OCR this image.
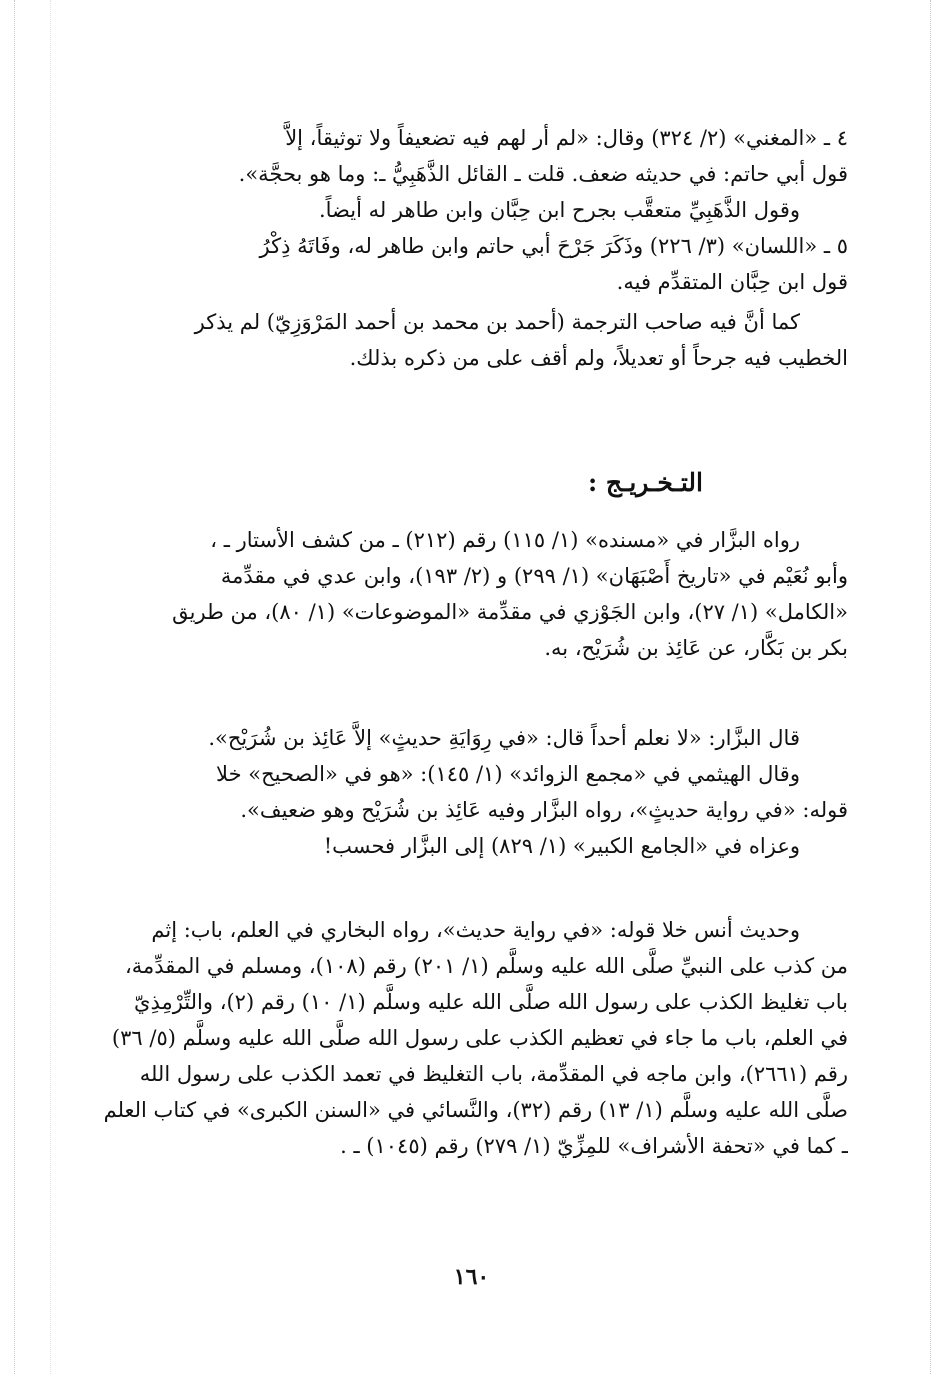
٤ ـ «المغني» (٢/ ٣٢٤) وقال: «لم أر لهم فيه تضعيفاً ولا توثيقاً، إلاَّ
قول أبي حاتم: في حديثه ضعف. قلت ـ القائل الذَّهَبِيُّ ـ: وما هو بحجَّة».
وقول الذَّهَبِيِّ متعقَّب بجرح ابن حِبَّان وابن طاهر له أيضاً.
٥ ـ «اللسان» (٣/ ٢٢٦) وذَكَرَ جَرْحَ أبي حاتم وابن طاهر له، وفَاتَهُ ذِكْرُ
قول ابن حِبَّان المتقدِّم فيه.
كما أنَّ فيه صاحب الترجمة (أحمد بن محمد بن أحمد المَرْوَزِيّ) لم يذكر
الخطيب فيه جرحاً أو تعديلاً، ولم أقف على من ذكره بذلك.
التـخـريـج :
رواه البزَّار في «مسنده» (١/ ١١٥) رقم (٢١٢) ـ من كشف الأستار ـ ،
وأبو نُعَيْم في «تاريخ أَصْبَهَان» (١/ ٢٩٩) و (٢/ ١٩٣)، وابن عدي في مقدِّمة
«الكامل» (١/ ٢٧)، وابن الجَوْزي في مقدِّمة «الموضوعات» (١/ ٨٠)، من طريق
بكر بن بَكَّار، عن عَائِذ بن شُرَيْح، به.
قال البزَّار: «لا نعلم أحداً قال: «في رِوَايَةِ حديثٍ» إلاَّ عَائِذ بن شُرَيْح».
وقال الهيثمي في «مجمع الزوائد» (١/ ١٤٥): «هو في «الصحيح» خلا
قوله: «في رواية حديثٍ»، رواه البزَّار وفيه عَائِذ بن شُرَيْح وهو ضعيف».
وعزاه في «الجامع الكبير» (١/ ٨٢٩) إلى البزَّار فحسب!
وحديث أنس خلا قوله: «في رواية حديث»، رواه البخاري في العلم، باب: إثم
من كذب على النبيِّ صلَّى الله عليه وسلَّم (١/ ٢٠١) رقم (١٠٨)، ومسلم في المقدِّمة،
باب تغليظ الكذب على رسول الله صلَّى الله عليه وسلَّم (١/ ١٠) رقم (٢)، والتِّرْمِذِيّ
في العلم، باب ما جاء في تعظيم الكذب على رسول الله صلَّى الله عليه وسلَّم (٥/ ٣٦)
رقم (٢٦٦١)، وابن ماجه في المقدِّمة، باب التغليظ في تعمد الكذب على رسول الله
صلَّى الله عليه وسلَّم (١/ ١٣) رقم (٣٢)، والنَّسائي في «السنن الكبرى» في كتاب العلم
ـ كما في «تحفة الأشراف» للمِزِّيّ (١/ ٢٧٩) رقم (١٠٤٥) ـ .
١٦٠
